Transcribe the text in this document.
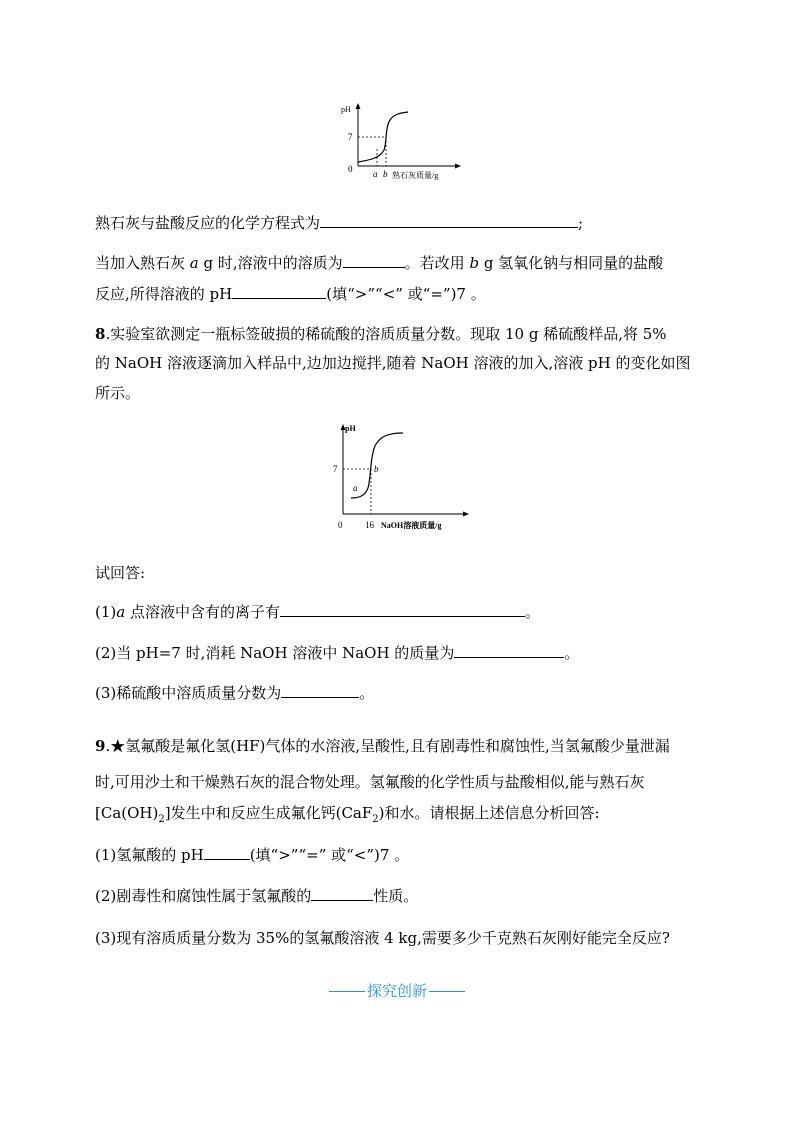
pH
7
0 a b 熟石灰质量/g
熟石灰与盐酸反应的化学方程式为	;
当加入熟石灰 a g 时,溶液中的溶质为	。若改用 b g 氢氧化钠与相同量的盐酸
反应,所得溶液的 pH	(填“>”“<” 或“=”)7 。
8.实验室欲测定一瓶标签破损的稀硫酸的溶质质量分数。现取 10 g 稀硫酸样品,将 5%
的 NaOH 溶液逐滴加入样品中,边加边搅拌,随着 NaOH 溶液的加入,溶液 pH 的变化如图
所示。
pH
7
0
a
b
16 NaOH溶液质量/g
试回答:
(1)a 点溶液中含有的离子有	。
(2)当 pH=7 时,消耗 NaOH 溶液中 NaOH 的质量为	。
(3)稀硫酸中溶质质量分数为	。
9.★氢氟酸是氟化氢(HF)气体的水溶液,呈酸性,且有剧毒性和腐蚀性,当氢氟酸少量泄漏
时,可用沙土和干燥熟石灰的混合物处理。氢氟酸的化学性质与盐酸相似,能与熟石灰
$[Ca(OH)_2]$发生中和反应生成氟化钙(CaF$_2$)和水。请根据上述信息分析回答:
(1)氢氟酸的 pH	(填“>”“=” 或“<”)7 。
(2)剧毒性和腐蚀性属于氢氟酸的	性质。
(3)现有溶质质量分数为 35%的氢氟酸溶液 4 kg,需要多少千克熟石灰刚好能完全反应?
探究创新
